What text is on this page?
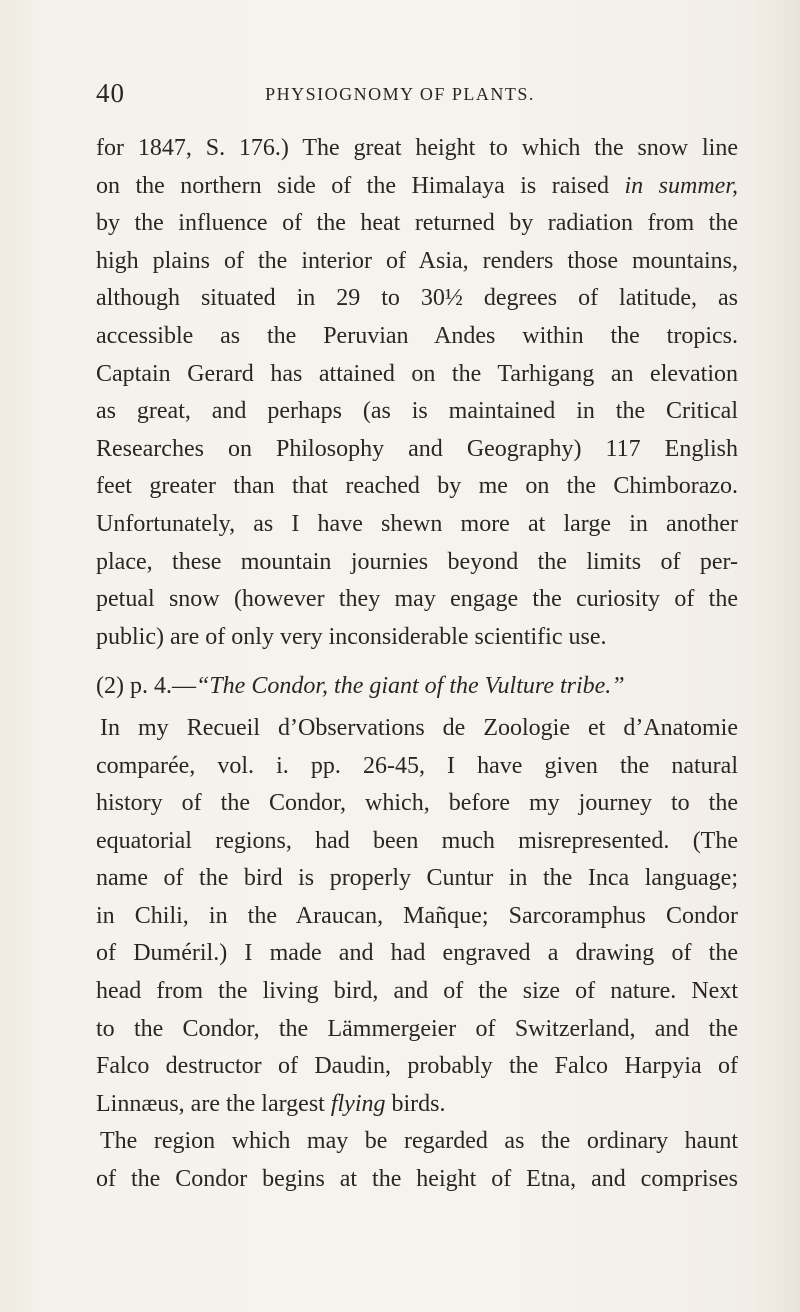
40	PHYSIOGNOMY OF PLANTS.
for 1847, S. 176.) The great height to which the snow line
on the northern side of the Himalaya is raised in summer,
by the influence of the heat returned by radiation from the
high plains of the interior of Asia, renders those mountains,
although situated in 29 to 30½ degrees of latitude, as
accessible as the Peruvian Andes within the tropics.
Captain Gerard has attained on the Tarhigang an elevation
as great, and perhaps (as is maintained in the Critical
Researches on Philosophy and Geography) 117 English
feet greater than that reached by me on the Chimborazo.
Unfortunately, as I have shewn more at large in another
place, these mountain journies beyond the limits of per-
petual snow (however they may engage the curiosity of the
public) are of only very inconsiderable scientific use.
(2) p. 4.—“The Condor, the giant of the Vulture tribe.”
In my Recueil d’Observations de Zoologie et d’Anatomie
comparée, vol. i. pp. 26-45, I have given the natural
history of the Condor, which, before my journey to the
equatorial regions, had been much misrepresented. (The
name of the bird is properly Cuntur in the Inca language;
in Chili, in the Araucan, Mañque; Sarcoramphus Condor
of Duméril.) I made and had engraved a drawing of the
head from the living bird, and of the size of nature. Next
to the Condor, the Lämmergeier of Switzerland, and the
Falco destructor of Daudin, probably the Falco Harpyia of
Linnæus, are the largest flying birds.
The region which may be regarded as the ordinary haunt
of the Condor begins at the height of Etna, and comprises
